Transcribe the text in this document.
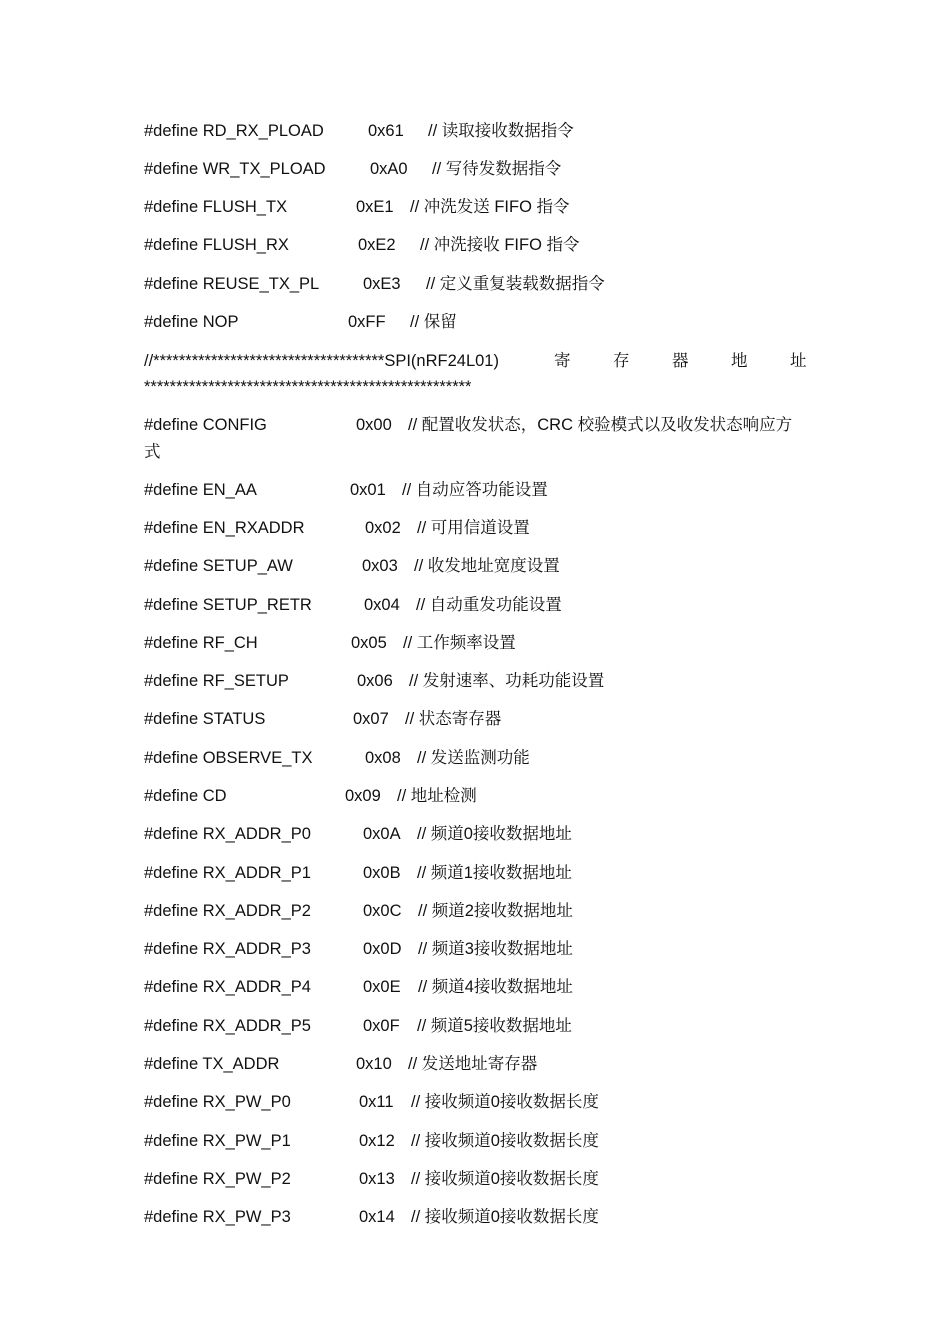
#define RD_RX_PLOAD	0x61 // 读取接收数据指令
#define WR_TX_PLOAD	0xA0 // 写待发数据指令
#define FLUSH_TX	0xE1 // 冲洗发送 FIFO 指令
#define FLUSH_RX	0xE2 // 冲洗接收 FIFO 指令
#define REUSE_TX_PL	0xE3 // 定义重复装载数据指令
#define NOP	0xFF // 保留
//************************************SPI(nRF24L01)	寄	存	器	地	址
***************************************************
#define CONFIG	0x00 // 配置收发状态，CRC 校验模式以及收发状态响应方
式
#define EN_AA	0x01 // 自动应答功能设置
#define EN_RXADDR	0x02 // 可用信道设置
#define SETUP_AW	0x03 // 收发地址宽度设置
#define SETUP_RETR	0x04 // 自动重发功能设置
#define RF_CH	0x05 // 工作频率设置
#define RF_SETUP	0x06 // 发射速率、功耗功能设置
#define STATUS	0x07 // 状态寄存器
#define OBSERVE_TX	0x08 // 发送监测功能
#define CD	0x09 // 地址检测
#define RX_ADDR_P0	0x0A // 频道0接收数据地址
#define RX_ADDR_P1	0x0B // 频道1接收数据地址
#define RX_ADDR_P2	0x0C // 频道2接收数据地址
#define RX_ADDR_P3	0x0D // 频道3接收数据地址
#define RX_ADDR_P4	0x0E // 频道4接收数据地址
#define RX_ADDR_P5	0x0F // 频道5接收数据地址
#define TX_ADDR	0x10 // 发送地址寄存器
#define RX_PW_P0	0x11 // 接收频道0接收数据长度
#define RX_PW_P1	0x12 // 接收频道0接收数据长度
#define RX_PW_P2	0x13 // 接收频道0接收数据长度
#define RX_PW_P3	0x14 // 接收频道0接收数据长度
